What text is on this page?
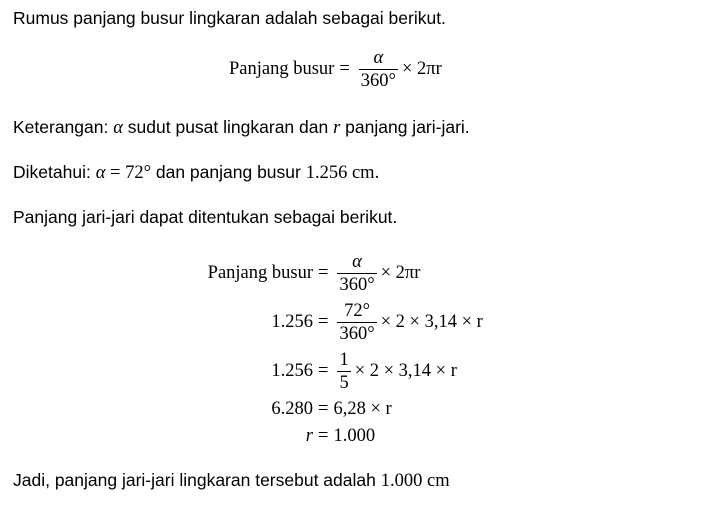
Rumus panjang busur lingkaran adalah sebagai berikut.
Panjang busur = $\frac{\alpha}{360^\circ} \times 2\pi r$
Keterangan: α sudut pusat lingkaran dan r panjang jari-jari.
Diketahui: α = 72° dan panjang busur 1.256 cm.
Panjang jari-jari dapat ditentukan sebagai berikut.
Panjang busur = $\frac{\alpha}{360^\circ} \times 2\pi r$
$1.256 = \frac{72^\circ}{360^\circ} \times 2 \times 3,14 \times r$
$1.256 = \frac{1}{5} \times 2 \times 3,14 \times r$
6.280 = 6,28 × r
r = 1.000
Jadi, panjang jari-jari lingkaran tersebut adalah 1.000 cm
